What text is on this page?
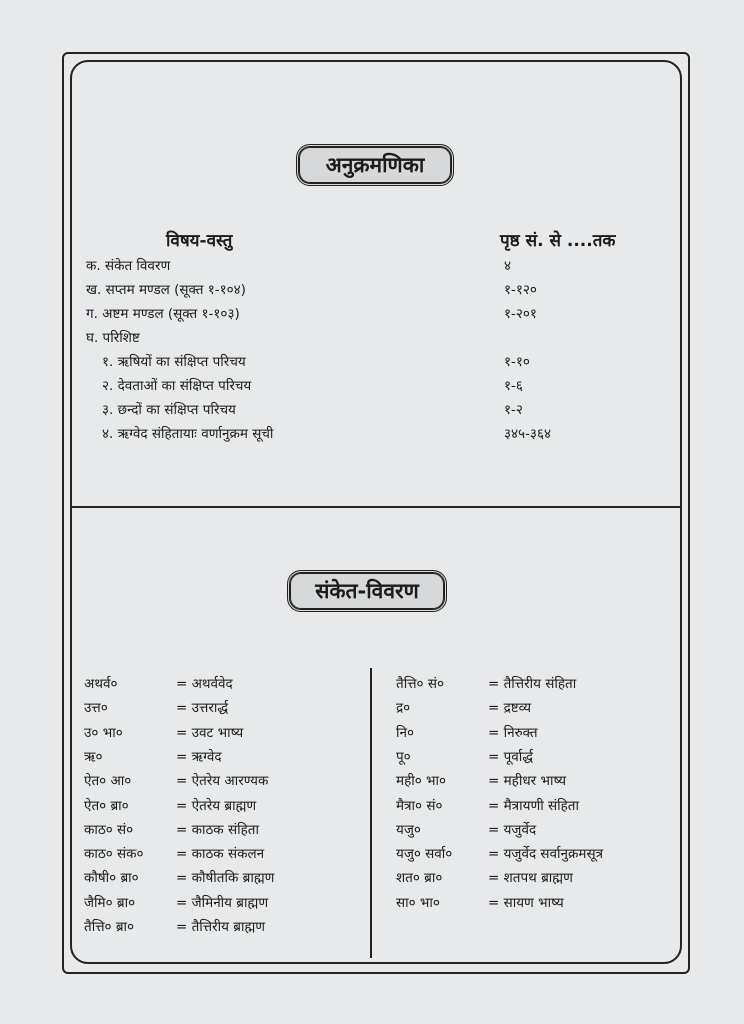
अनुक्रमणिका
विषय-वस्तु	पृष्ठ सं. से ....तक
क. संकेत विवरण	४
ख. सप्तम मण्डल (सूक्त १-१०४)	१-१२०
ग. अष्टम मण्डल (सूक्त १-१०३)	१-२०१
घ. परिशिष्ट
१. ऋषियों का संक्षिप्त परिचय	१-१०
२. देवताओं का संक्षिप्त परिचय	१-६
३. छन्दों का संक्षिप्त परिचय	१-२
४. ऋग्वेद संहितायाः वर्णानुक्रम सूची	३४५-३६४
संकेत-विवरण
अथर्व०	= अथर्ववेद
उत्त०	= उत्तरार्द्ध
उ० भा०	= उवट भाष्य
ऋ०	= ऋग्वेद
ऐत० आ०	= ऐतरेय आरण्यक
ऐत० ब्रा०	= ऐतरेय ब्राह्मण
काठ० सं०	= काठक संहिता
काठ० संक० = काठक संकलन
कौषी० ब्रा०	= कौषीतकि ब्राह्मण
जैमि० ब्रा०	= जैमिनीय ब्राह्मण
तैत्ति० ब्रा०	= तैत्तिरीय ब्राह्मण
तैत्ति० सं०	= तैत्तिरीय संहिता
द्र०	= द्रष्टव्य
नि०	= निरुक्त
पू०	= पूर्वार्द्ध
मही० भा०	= महीधर भाष्य
मैत्रा० सं०	= मैत्रायणी संहिता
यजु०	= यजुर्वेद
यजु० सर्वा०	= यजुर्वेद सर्वानुक्रमसूत्र
शत० ब्रा०	= शतपथ ब्राह्मण
सा० भा०	= सायण भाष्य
